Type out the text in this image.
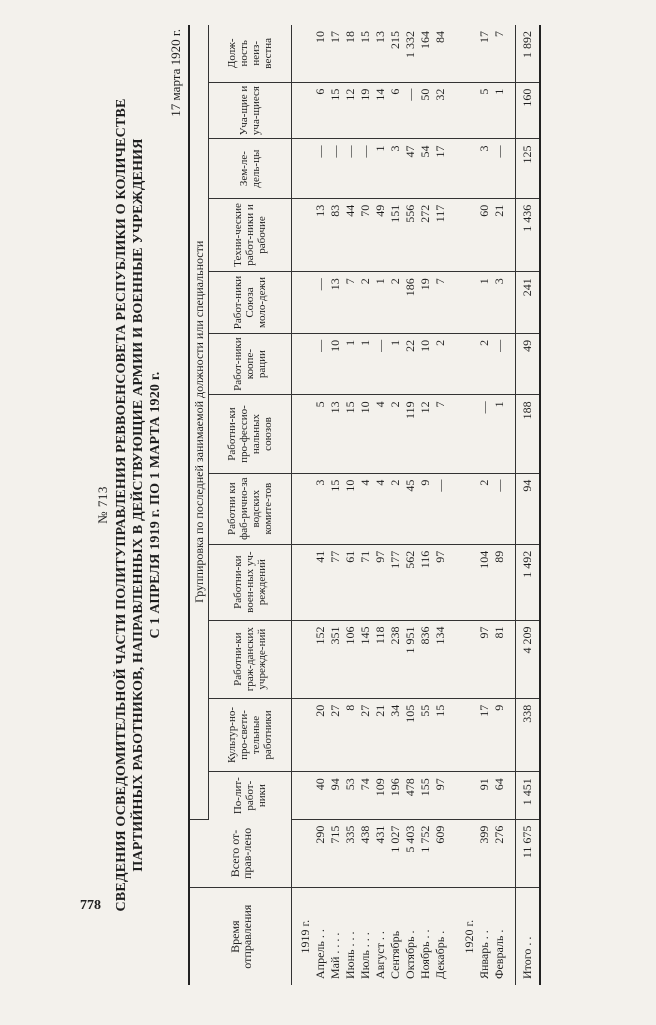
778

№ 713 СВЕДЕНИЯ ОСВЕДОМИТЕЛЬНОЙ ЧАСТИ ПОЛИТУПРАВЛЕНИЯ РЕВВОЕНСОВЕТА РЕСПУБЛИКИ О КОЛИЧЕСТВЕ ПАРТИЙНЫХ РАБОТНИКОВ, НАПРАВЛЕННЫХ В ДЕЙСТВУЮЩИЕ АРМИИ И ВОЕННЫЕ УЧРЕЖДЕНИЯ С 1 АПРЕЛЯ 1919 г. ПО 1 МАРТА 1920 г.

17 марта 1920 г.

Время отправления	Всего от-прав-лено	Группировка по последней занимаемой должности или специальности											
		По-лит-работ-ники	Культур-но-про-свети-тельные работники	Работни-ки граж-данских учрежде-ний	Работни-ки воен-ных уч-реждений	Работни ки фаб-рично-за водских комите-тов	Работни-ки про-фессио-нальных союзов	Работ-ники коопе-рации	Работ-ники Союза моло-дежи	Техни-ческие работ-ники и рабочие	Зем-ле-дель-цы	Уча-щие и уча-щиеся	Долж-ность неиз-вестна
1919 г.													
Апрель . .	290	40	20	152	41	3	5	—	—	13	—	6	10
Май . . . .	715	94	27	351	77	15	13	10	13	83	—	15	17
Июнь . . .	335	53	8	106	61	10	15	1	7	44	—	12	18
Июль . . .	438	74	27	145	71	4	10	1	2	70	—	19	15
Август . .	431	109	21	118	97	4	4	—	1	49	1	14	13
Сентябрь	1 027	196	34	238	177	2	2	1	2	151	3	6	215
Октябрь .	5 403	478	105	1 951	562	45	119	22	186	556	47	—	1 332
Ноябрь . .	1 752	155	55	836	116	9	12	10	19	272	54	50	164
Декабрь .	609	97	15	134	97	—	7	2	7	117	17	32	84

1920 г.													
Январь . .	399	91	17	97	104	2	—	2	1	60	3	5	17
Февраль .	276	64	9	81	89	—	1	—	3	21	—	1	7

Итого . .	11 675	1 451	338	4 209	1 492	94	188	49	241	1 436	125	160	1 892
